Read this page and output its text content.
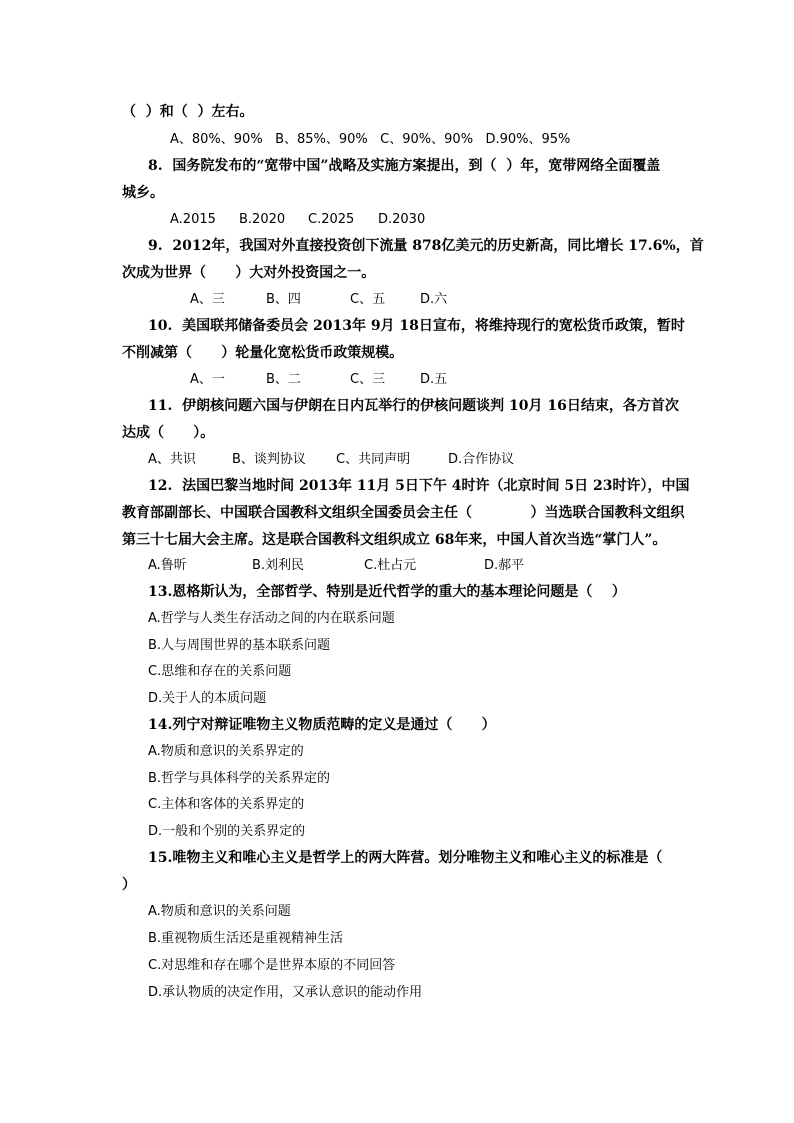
（  ）和（  ）左右。
A、80%、90%   B、85%、90%   C、90%、90%   D.90%、95%
8.  国务院发布的“宽带中国”战略及实施方案提出，到（  ）年，宽带网络全面覆盖
城乡。
A.2015 B.2020 C.2025 D.2030
9.  2012年，我国对外直接投资创下流量 878亿美元的历史新高，同比增长 17.6%，首
次成为世界（      ）大对外投资国之一。
A、三	B、四	C、五	D.六
10.  美国联邦储备委员会 2013年 9月 18日宣布，将维持现行的宽松货币政策，暂时
不削减第（      ）轮量化宽松货币政策规模。
A、一	B、二	C、三	D.五
11.  伊朗核问题六国与伊朗在日内瓦举行的伊核问题谈判 10月 16日结束，各方首次
达成（      ）。
A、共识	B、谈判协议 C、共同声明	D.合作协议
12.  法国巴黎当地时间 2013年 11月 5日下午 4时许（北京时间 5日 23时许），中国
教育部副部长、中国联合国教科文组织全国委员会主任（            ）当选联合国教科文组织
第三十七届大会主席。这是联合国教科文组织成立 68年来，中国人首次当选“掌门人”。
A.鲁昕	B.刘利民	C.杜占元	D.郝平
13.恩格斯认为，全部哲学、特别是近代哲学的重大的基本理论问题是（    ）
A.哲学与人类生存活动之间的内在联系问题
B.人与周围世界的基本联系问题
C.思维和存在的关系问题
D.关于人的本质问题
14.列宁对辩证唯物主义物质范畴的定义是通过（      ）
A.物质和意识的关系界定的
B.哲学与具体科学的关系界定的
C.主体和客体的关系界定的
D.一般和个别的关系界定的
15.唯物主义和唯心主义是哲学上的两大阵营。划分唯物主义和唯心主义的标准是（
）
A.物质和意识的关系问题
B.重视物质生活还是重视精神生活
C.对思维和存在哪个是世界本原的不同回答
D.承认物质的决定作用，又承认意识的能动作用
